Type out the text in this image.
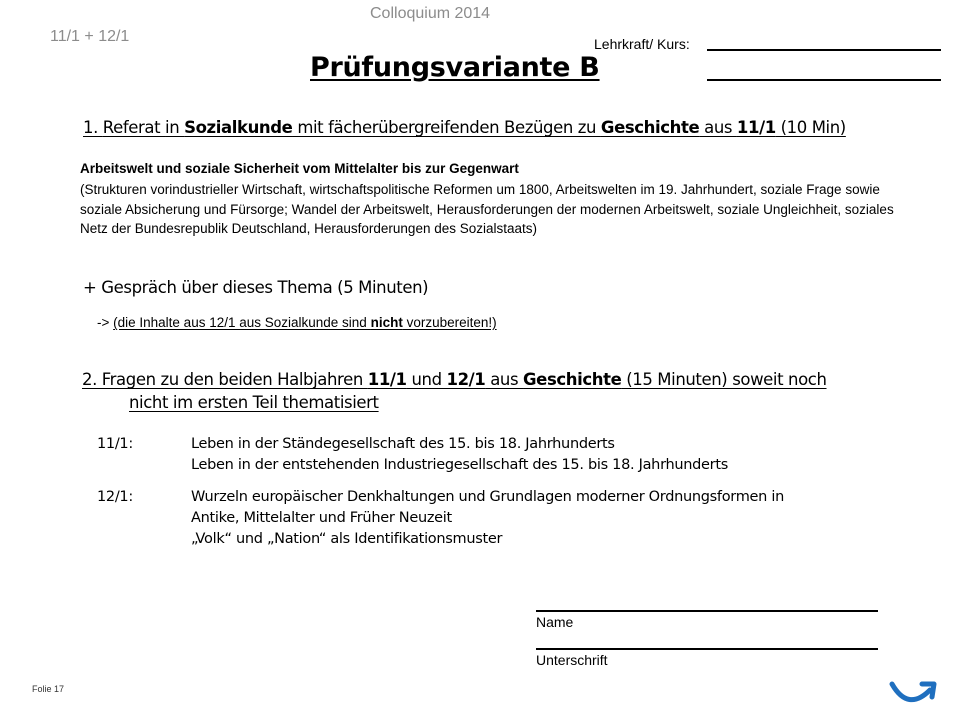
Colloquium 2014
11/1 + 12/1
Prüfungsvariante B
Lehrkraft/ Kurs:
1. Referat in Sozialkunde mit fächerübergreifenden Bezügen zu Geschichte aus 11/1 (10 Min)
Arbeitswelt und soziale Sicherheit vom Mittelalter bis zur Gegenwart
(Strukturen vorindustrieller Wirtschaft, wirtschaftspolitische Reformen um 1800, Arbeitswelten im 19. Jahrhundert, soziale Frage sowie soziale Absicherung und Fürsorge; Wandel der Arbeitswelt, Herausforderungen der modernen Arbeitswelt, soziale Ungleichheit, soziales Netz der Bundesrepublik Deutschland, Herausforderungen des Sozialstaats)
+ Gespräch über dieses Thema (5 Minuten)
-> (die Inhalte aus 12/1 aus Sozialkunde sind nicht vorzubereiten!)
2. Fragen zu den beiden Halbjahren 11/1 und 12/1 aus Geschichte (15 Minuten) soweit noch
nicht im ersten Teil thematisiert
11/1:	Leben in der Ständegesellschaft des 15. bis 18. Jahrhunderts
Leben in der entstehenden Industriegesellschaft des 15. bis 18. Jahrhunderts
12/1:	Wurzeln europäischer Denkhaltungen und Grundlagen moderner Ordnungsformen in
Antike, Mittelalter und Früher Neuzeit
„Volk“ und „Nation“ als Identifikationsmuster
Name
Unterschrift
Folie 17
